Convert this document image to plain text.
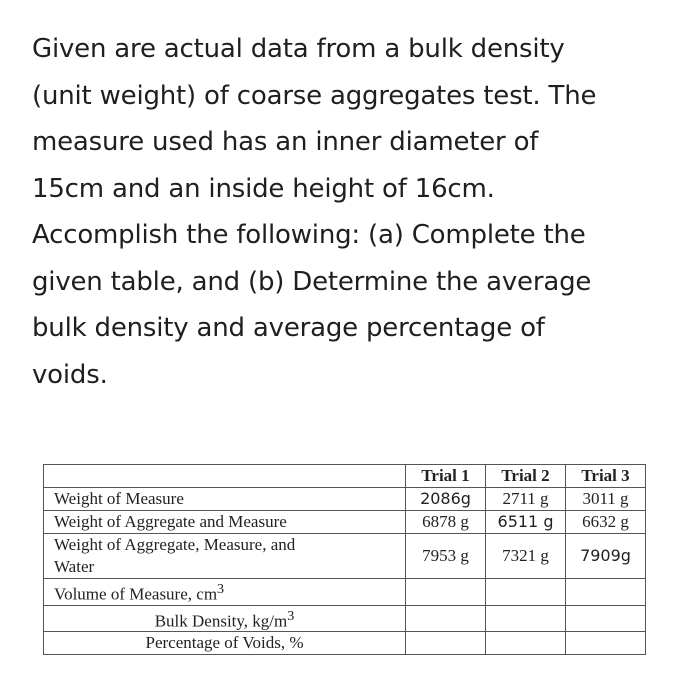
Given are actual data from a bulk density
(unit weight) of coarse aggregates test. The
measure used has an inner diameter of
15cm and an inside height of 16cm.
Accomplish the following: (a) Complete the
given table, and (b) Determine the average
bulk density and average percentage of
voids.
	Trial 1	Trial 2	Trial 3
Weight of Measure	2086g	2711 g	3011 g
Weight of Aggregate and Measure	6878 g	6511 g	6632 g
Weight of Aggregate, Measure, and
Water	7953 g	7321 g	7909g
Volume of Measure, $cm^3$			
Bulk Density, $kg/m^3$			
Percentage of Voids, %			
